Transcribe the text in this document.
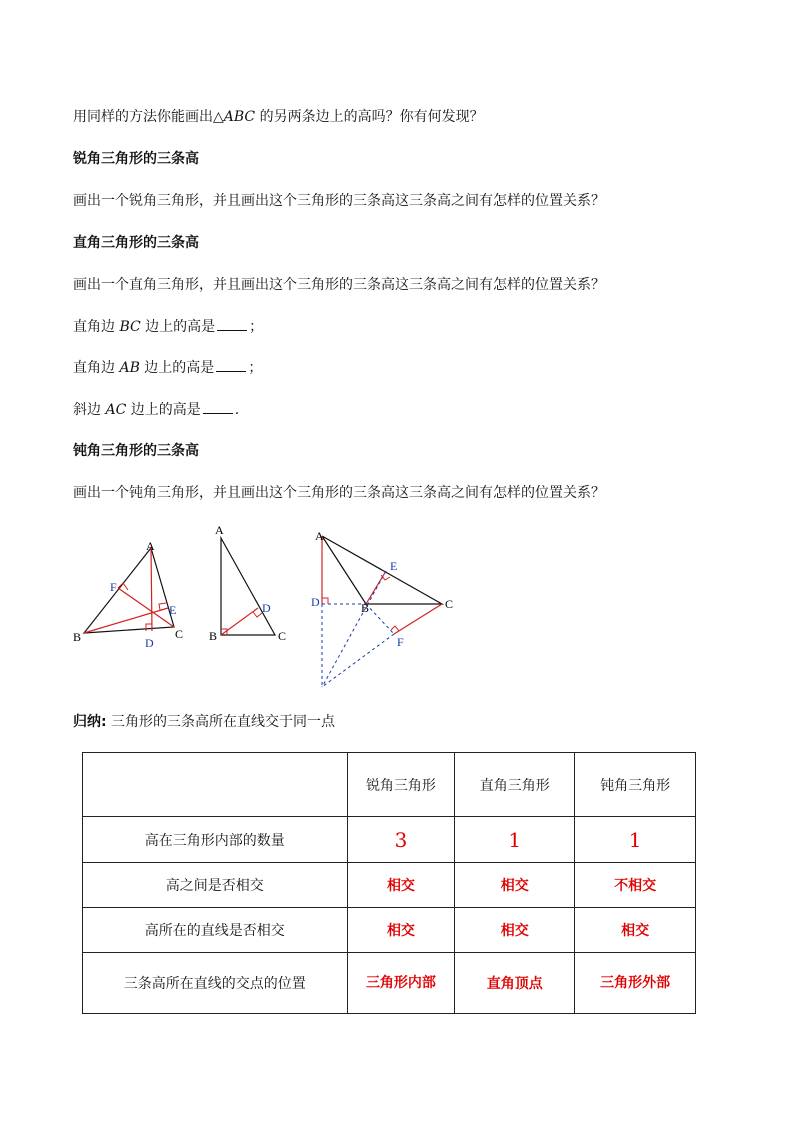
用同样的方法你能画出△ABC 的另两条边上的高吗？你有何发现？
锐角三角形的三条高
画出一个锐角三角形，并且画出这个三角形的三条高这三条高之间有怎样的位置关系？
直角三角形的三条高
画出一个直角三角形，并且画出这个三角形的三条高这三条高之间有怎样的位置关系？
直角边 BC 边上的高是 ；
直角边 AB 边上的高是 ；
斜边 AC 边上的高是 .
钝角三角形的三条高
画出一个钝角三角形，并且画出这个三角形的三条高这三条高之间有怎样的位置关系？
A
B	C
D
E
F
A
B	C
D
A
B	C
D
E
F
归纳: 三角形的三条高所在直线交于同一点
	锐角三角形	直角三角形	钝角三角形
高在三角形内部的数量	3	1	1
高之间是否相交	相交	相交	不相交
高所在的直线是否相交	相交	相交	相交
三条高所在直线的交点的位置	三角形内部	直角顶点	三角形外部
